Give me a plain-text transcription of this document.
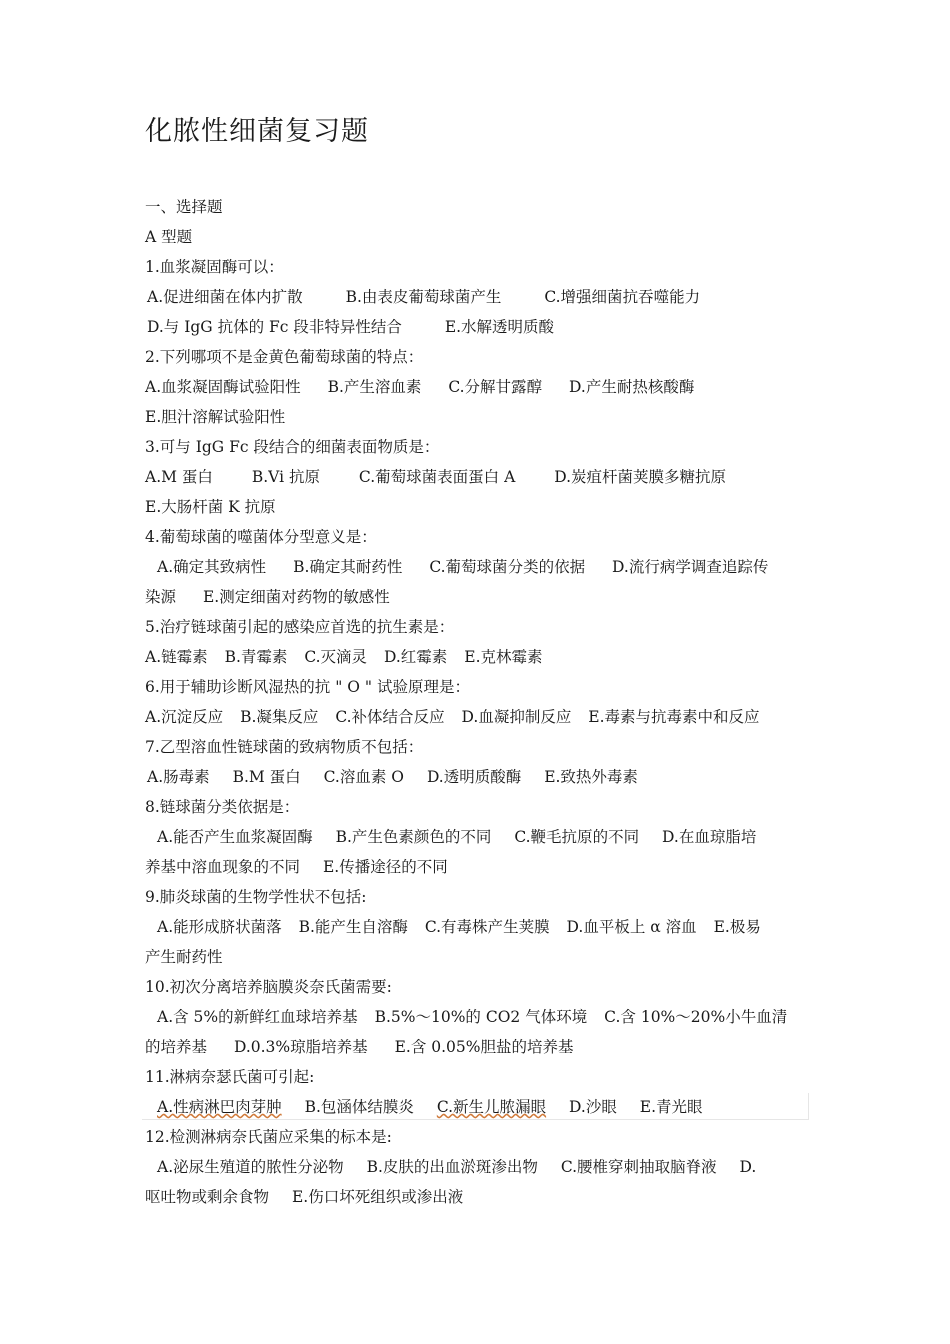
化脓性细菌复习题
一、选择题
A 型题
1.血浆凝固酶可以：
A.促进细菌在体内扩散	B.由表皮葡萄球菌产生	C.增强细菌抗吞噬能力
D.与 IgG 抗体的 Fc 段非特异性结合	E.水解透明质酸
2.下列哪项不是金黄色葡萄球菌的特点：
A.血浆凝固酶试验阳性 B.产生溶血素 C.分解甘露醇 D.产生耐热核酸酶
E.胆汁溶解试验阳性
3.可与 IgG Fc 段结合的细菌表面物质是：
A.M 蛋白	B.Vi 抗原	C.葡萄球菌表面蛋白 A	D.炭疽杆菌荚膜多糖抗原
E.大肠杆菌 K 抗原
4.葡萄球菌的噬菌体分型意义是：
A.确定其致病性 B.确定其耐药性 C.葡萄球菌分类的依据 D.流行病学调查追踪传
染源 E.测定细菌对药物的敏感性
5.治疗链球菌引起的感染应首选的抗生素是：
A.链霉素 B.青霉素 C.灭滴灵 D.红霉素 E.克林霉素
6.用于辅助诊断风湿热的抗 " O " 试验原理是：
A.沉淀反应 B.凝集反应 C.补体结合反应 D.血凝抑制反应 E.毒素与抗毒素中和反应
7.乙型溶血性链球菌的致病物质不包括：
A.肠毒素 B.M 蛋白 C.溶血素 O D.透明质酸酶 E.致热外毒素
8.链球菌分类依据是：
A.能否产生血浆凝固酶 B.产生色素颜色的不同 C.鞭毛抗原的不同 D.在血琼脂培
养基中溶血现象的不同 E.传播途径的不同
9.肺炎球菌的生物学性状不包括:
A.能形成脐状菌落 B.能产生自溶酶 C.有毒株产生荚膜 D.血平板上 α 溶血 E.极易
产生耐药性
10.初次分离培养脑膜炎奈氏菌需要:
A.含 5%的新鲜红血球培养基 B.5%～10%的 CO2 气体环境 C.含 10%～20%小牛血清
的培养基 D.0.3%琼脂培养基 E.含 0.05%胆盐的培养基
11.淋病奈瑟氏菌可引起:
A.性病淋巴肉芽肿 B.包涵体结膜炎 C.新生儿脓漏眼 D.沙眼 E.青光眼
12.检测淋病奈氏菌应采集的标本是:
A.泌尿生殖道的脓性分泌物 B.皮肤的出血淤斑渗出物 C.腰椎穿刺抽取脑脊液 D.
呕吐物或剩余食物 E.伤口坏死组织或渗出液
